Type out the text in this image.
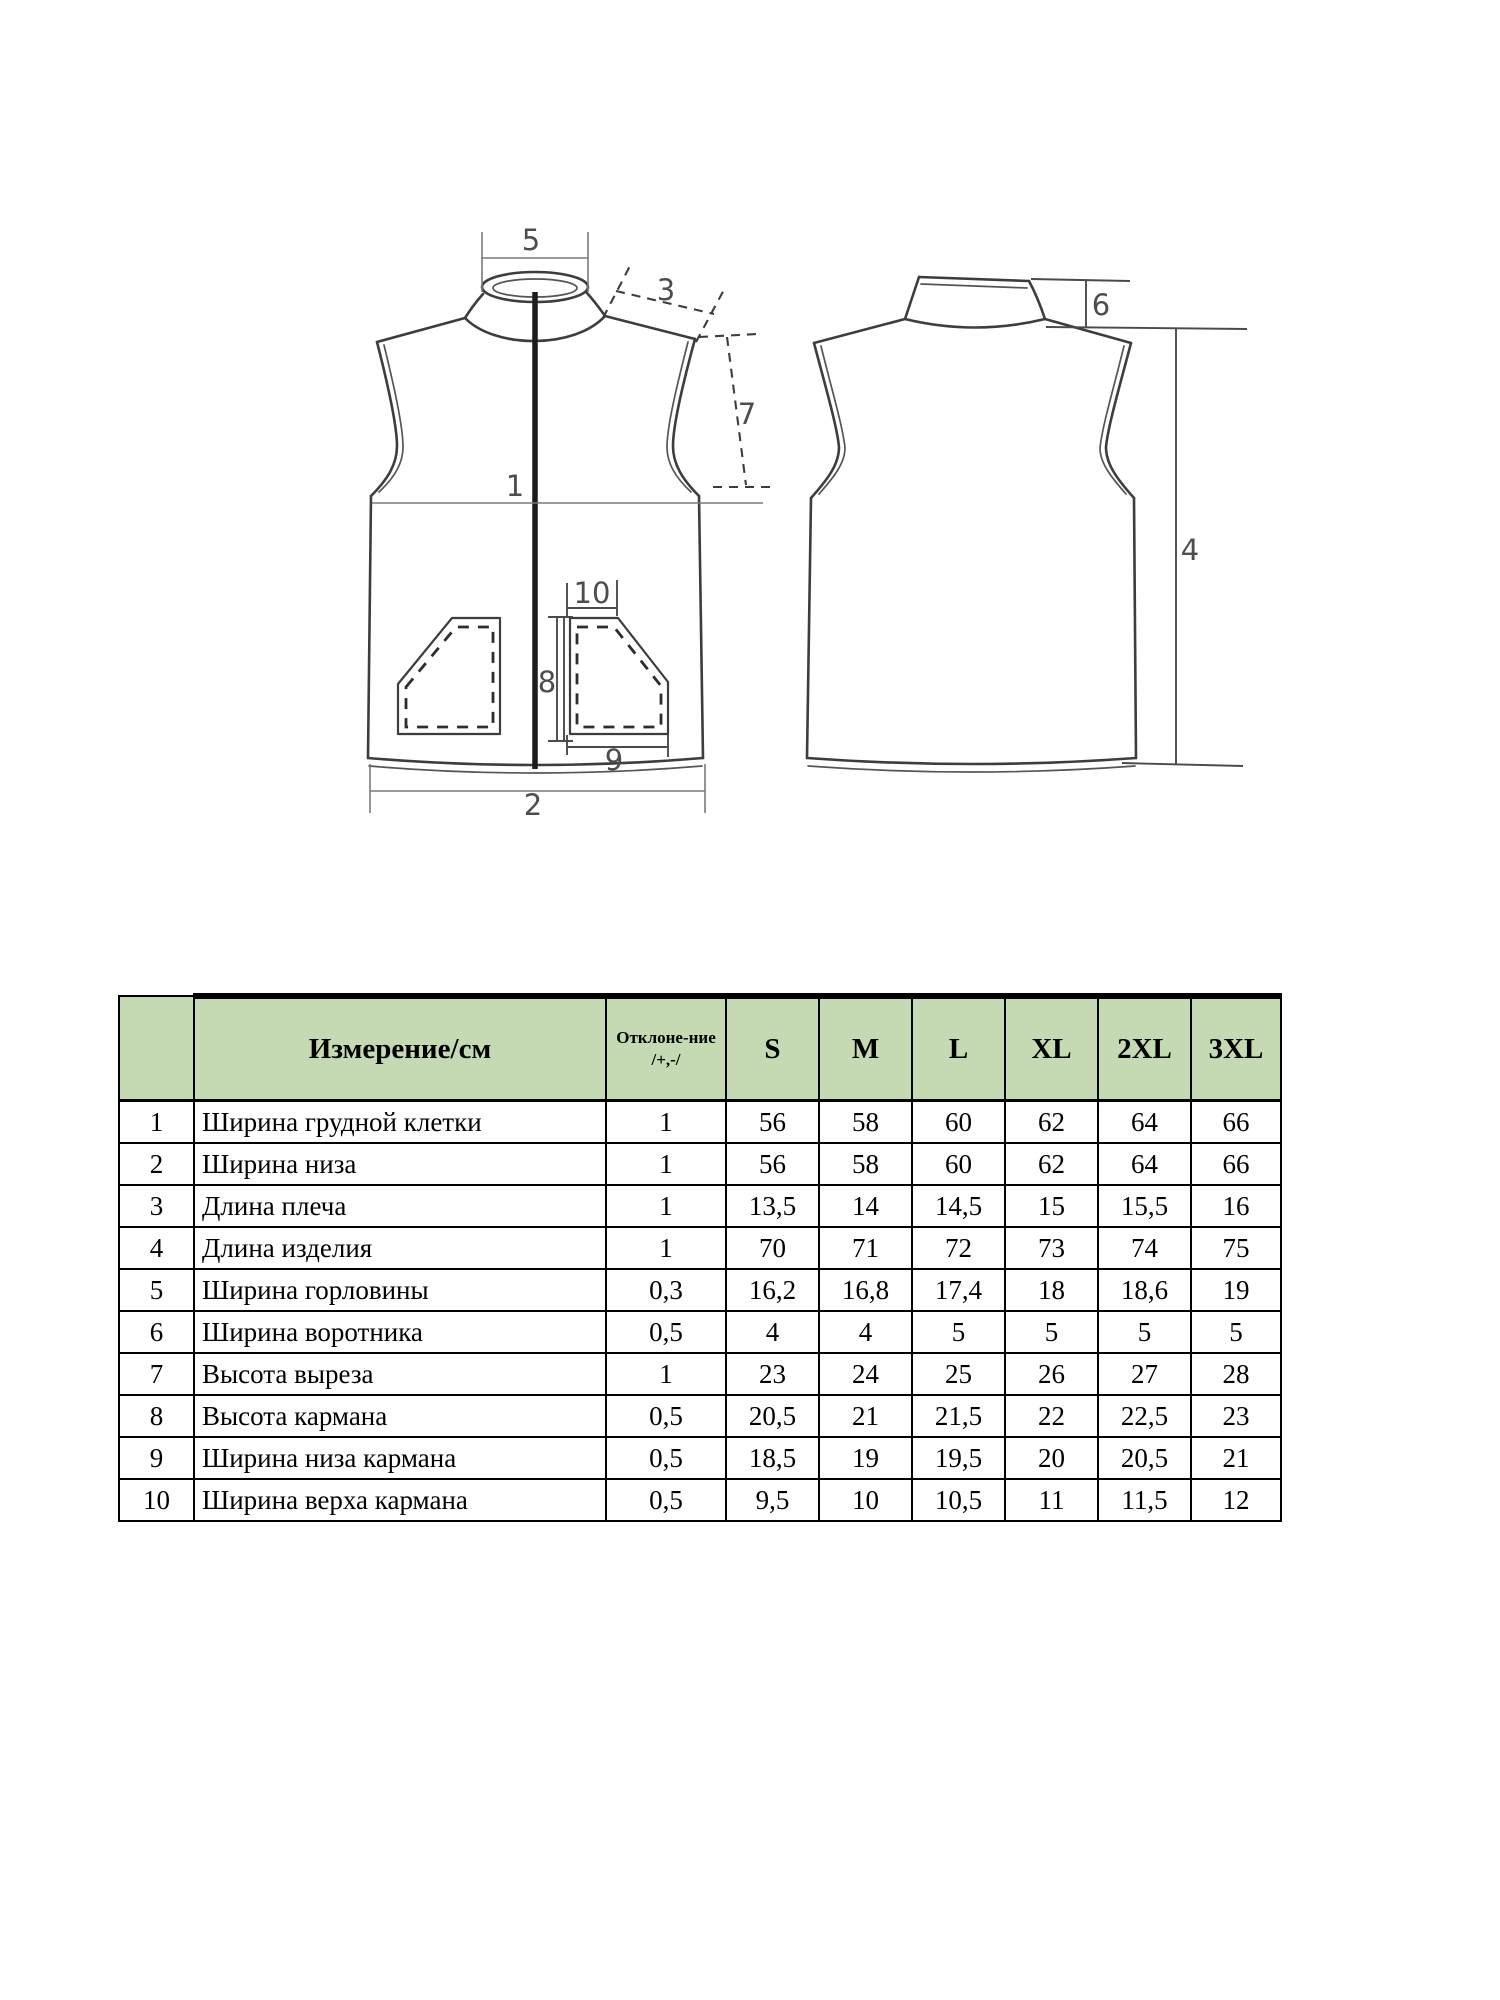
5
3
7
1
10
8
9
2
6
4
	Измерение/см	Отклоне-ние
/+,-/	S	M	L	XL	2XL	3XL
1	Ширина грудной клетки	1	56	58	60	62	64	66
2	Ширина низа	1	56	58	60	62	64	66
3	Длина плеча	1	13,5	14	14,5	15	15,5	16
4	Длина изделия	1	70	71	72	73	74	75
5	Ширина горловины	0,3	16,2	16,8	17,4	18	18,6	19
6	Ширина воротника	0,5	4	4	5	5	5	5
7	Высота выреза	1	23	24	25	26	27	28
8	Высота кармана	0,5	20,5	21	21,5	22	22,5	23
9	Ширина низа кармана	0,5	18,5	19	19,5	20	20,5	21
10	Ширина верха кармана	0,5	9,5	10	10,5	11	11,5	12
